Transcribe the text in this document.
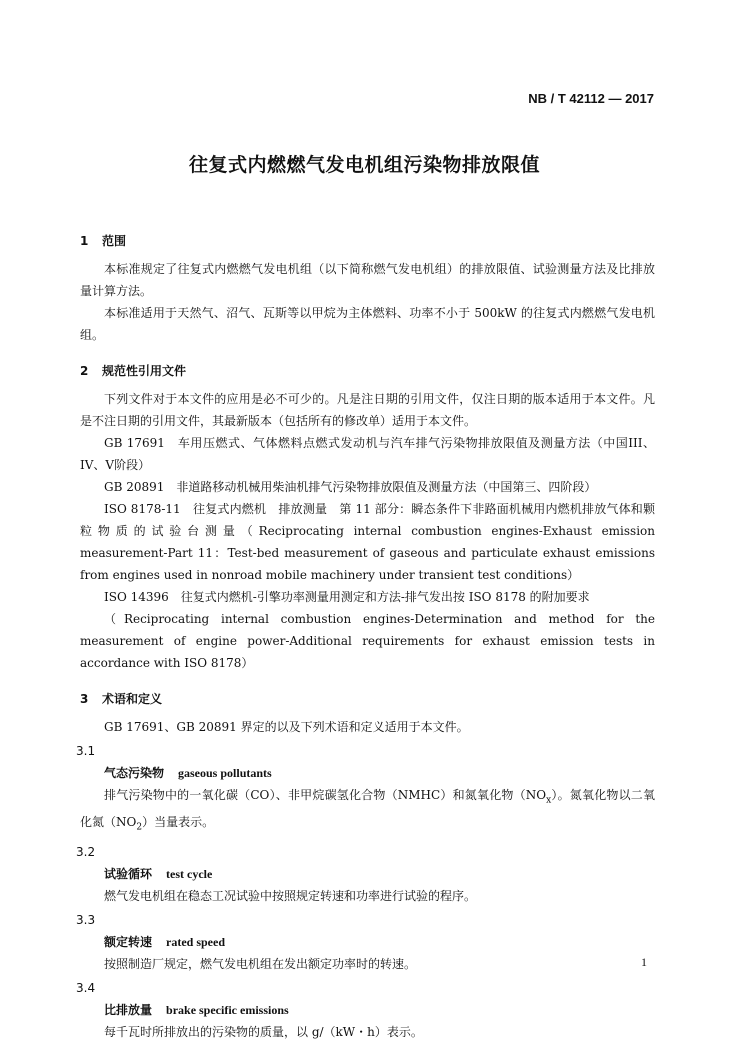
NB / T 42112 — 2017
往复式内燃燃气发电机组污染物排放限值
1 范围
本标准规定了往复式内燃燃气发电机组（以下简称燃气发电机组）的排放限值、试验测量方法及比排放量计算方法。
本标准适用于天然气、沼气、瓦斯等以甲烷为主体燃料、功率不小于 500kW 的往复式内燃燃气发电机组。
2 规范性引用文件
下列文件对于本文件的应用是必不可少的。凡是注日期的引用文件，仅注日期的版本适用于本文件。凡是不注日期的引用文件，其最新版本（包括所有的修改单）适用于本文件。
GB 17691　车用压燃式、气体燃料点燃式发动机与汽车排气污染物排放限值及测量方法（中国III、IV、V阶段）
GB 20891　非道路移动机械用柴油机排气污染物排放限值及测量方法（中国第三、四阶段）
ISO 8178-11　往复式内燃机　排放测量　第 11 部分：瞬态条件下非路面机械用内燃机排放气体和颗粒物质的试验台测量（Reciprocating internal combustion engines-Exhaust emission measurement-Part 11：Test-bed measurement of gaseous and particulate exhaust emissions from engines used in nonroad mobile machinery under transient test conditions）
ISO 14396　往复式内燃机-引擎功率测量用测定和方法-排气发出按 ISO 8178 的附加要求
（Reciprocating internal combustion engines-Determination and method for the measurement of engine power-Additional requirements for exhaust emission tests in accordance with ISO 8178）
3 术语和定义
GB 17691、GB 20891 界定的以及下列术语和定义适用于本文件。
3.1
气态污染物 gaseous pollutants
排气污染物中的一氧化碳（CO）、非甲烷碳氢化合物（NMHC）和氮氧化物$(NO_x)$。氮氧化物以二氧化氮$(NO_2)$当量表示。
3.2
试验循环 test cycle
燃气发电机组在稳态工况试验中按照规定转速和功率进行试验的程序。
3.3
额定转速 rated speed
按照制造厂规定，燃气发电机组在发出额定功率时的转速。
3.4
比排放量 brake specific emissions
每千瓦时所排放出的污染物的质量，以 g/（kW・h）表示。
1
